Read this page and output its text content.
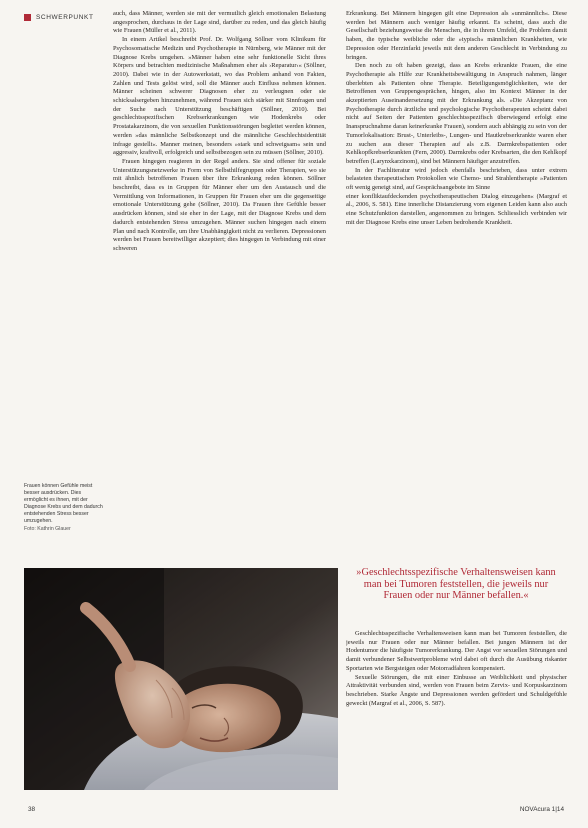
SCHWERPUNKT	auch, dass Männer, werden sie mit der vermutlich gleich emotionalen Belastung angesprochen, durchaus in der Lage sind, darüber zu reden, und das gleich häufig wie Frauen (Müller et al., 2011).

In einem Artikel beschreibt Prof. Dr. Wolfgang Söllner vom Klinikum für Psychosomatische Medizin und Psychotherapie in Nürnberg, wie Männer mit der Diagnose Krebs umgehen. »Männer haben eine sehr funktionelle Sicht ihres Körpers und betrachten medizinische Maßnahmen eher als ›Reparatur‹« (Söllner, 2010). Dabei wie in der Autowerkstatt, wo das Problem anhand von Fakten, Zahlen und Tests gelöst wird, soll die Männer auch Einfluss nehmen können. Männer scheinen schwerer Diagnosen eher zu verleugnen oder sie schicksalsergeben hinzunehmen, während Frauen sich stärker mit Sinnfragen und der Suche nach Unterstützung beschäftigen (Söllner, 2010). Bei geschlechtsspezifischen Krebserkrankungen wie Hodenkrebs oder Prostatakarzinom, die von sexuellen Funktionsstörungen begleitet werden können, werden »das männliche Selbstkonzept und die männliche Geschlechtsidentität infrage gestellt«. Manner meinen, besonders »stark und schweigsam« sein und aggressiv, kraftvoll, erfolgreich und selbstbezogen sein zu müssen (Söllner, 2010).

Frauen hingegen reagieren in der Regel anders. Sie sind offener für soziale Unterstützungsnetzwerke in Form von Selbsthilfegruppen oder Therapien, wo sie mit ähnlich betroffenen Frauen über ihre Erkrankung reden können. Söllner beschreibt, dass es in Gruppen für Männer eher um den Austausch und die Vermittlung von Informationen, in Gruppen für Frauen eher um die gegenseitige emotionale Unterstützung gehe (Söllner, 2010). Da Frauen ihre Gefühle besser ausdrücken können, sind sie eher in der Lage, mit der Diagnose Krebs und dem dadurch entstehenden Stress umzugehen. Männer suchen hingegen nach einem Plan und nach Kontrolle, um ihre Unabhängigkeit nicht zu verlieren. Depressionen werden bei Frauen bereitwilliger akzeptiert; dies hingegen in Verbindung mit einer schweren

Erkrankung. Bei Männern hingegen gilt eine Depression als »unmännlich«. Diese werden bei Männern auch weniger häufig erkannt. Es scheint, dass auch die Gesellschaft beziehungsweise die Menschen, die in ihrem Umfeld, die Problem damit haben, die typische weibliche oder die »typisch« männlichen Krankheiten, wie Depression oder Herzinfarkt jeweils mit dem anderen Geschlecht in Verbindung zu bringen.

Den noch zu oft haben gezeigt, dass an Krebs erkrankte Frauen, die eine Psychotherapie als Hilfe zur Krankheitsbewältigung in Anspruch nahmen, länger überlebten als Patienten ohne Therapie. Beteiligungsmöglichkeiten, wie der Betroffenen von Gruppengesprächen, hingen, also im Kontext Männer in der akzeptierten Auseinandersetzung mit der Erkrankung als. »Die Akzeptanz von Psychotherapie durch ärztliche und psychologische Psychotherapeuten scheint dabei nicht auf Seiten der Patienten geschlechtsspezifisch überwiegend erfolgt eine Inanspruchnahme daran keinerkranke Frauen), sondern auch abhängig zu sein von der Tumorlokalisation: Brust-, Unterleibs-, Lungen- und Hautkrebserkrankte waren eher zu suchen aus dieser Therapien auf als z.B. Darmkrebspatienten oder Kehlkopfkrebserkrankten (Fern, 2000). Darmkrebs oder Krebsarten, die den Kehlkopf betreffen (Larynxkarzinom), sind bei Männern häufiger anzutreffen.

In der Fachliteratur wird jedoch ebenfalls beschrieben, dass unter extrem belasteten therapeutischen Protokollen wie Chemo- und Strahlentherapie »Patienten oft wenig geneigt sind, auf Gesprächsangebote im Sinne

einer konfliktaufdeckenden psychotherapeutischen Dialog einzugehen« (Margraf et al., 2006, S. 581). Eine innerliche Distanzierung vom eigenen Leiden kann also auch eine Schutzfunktion darstellen, angenommen zu bringen. Schliesslich verbinden wir mit der Diagnose Krebs eine unser Leben bedrohende Krankheit.

Frauen können Gefühle meist besser ausdrücken. Dies ermöglicht es ihnen, mit der Diagnose Krebs und dem dadurch entstehenden Stress besser umzugehen.
Foto: Kathrin Glauer
»Geschlechtsspezifische Verhaltensweisen kann man bei Tumoren feststellen, die jeweils nur Frauen oder nur Männer befallen.«

Geschlechtsspezifische Verhaltensweisen kann man bei Tumoren feststellen, die jeweils nur Frauen oder nur Männer befallen. Bei jungen Männern ist der Hodentumor die häufigste Tumorerkrankung. Der Angst vor sexuellen Störungen und damit verbundener Selbstwertprobleme wird dabei oft durch die Ausübung riskanter Sportarten wie Bergsteigen oder Motorradfahren kompensiert.

Sexuelle Störungen, die mit einer Einbusse an Weiblichkeit und physischer Attraktivität verbunden sind, werden von Frauen beim Zervix- und Korpuskarzinom beschrieben. Starke Ängste und Depressionen werden gefördert und Schuldgefühle geweckt (Margraf et al., 2006, S. 587).

38	NOVAcura 1|14
